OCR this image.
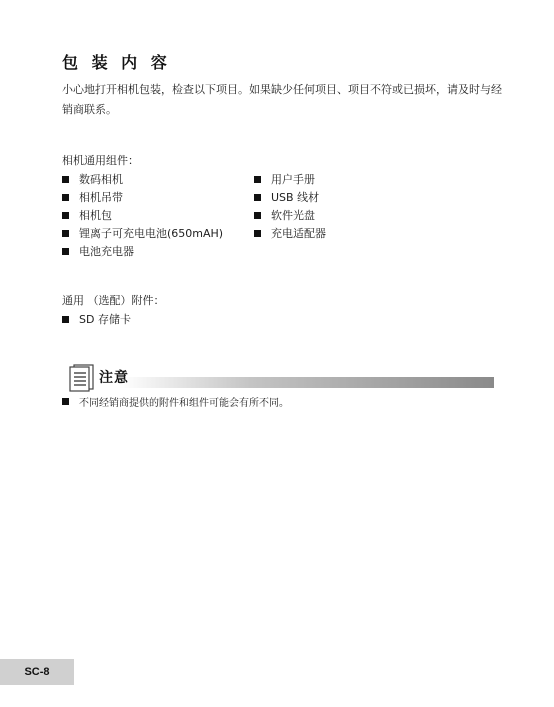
包 装 内 容
小心地打开相机包装，检查以下项目。如果缺少任何项目、项目不符或已损坏，请及时与经销商联系。
相机通用组件：
数码相机
相机吊带
相机包
锂离子可充电电池(650mAH)
电池充电器
用户手册
USB 线材
软件光盘
充电适配器
通用 （选配）附件：
SD 存储卡
注意
不同经销商提供的附件和组件可能会有所不同。
SC-8
